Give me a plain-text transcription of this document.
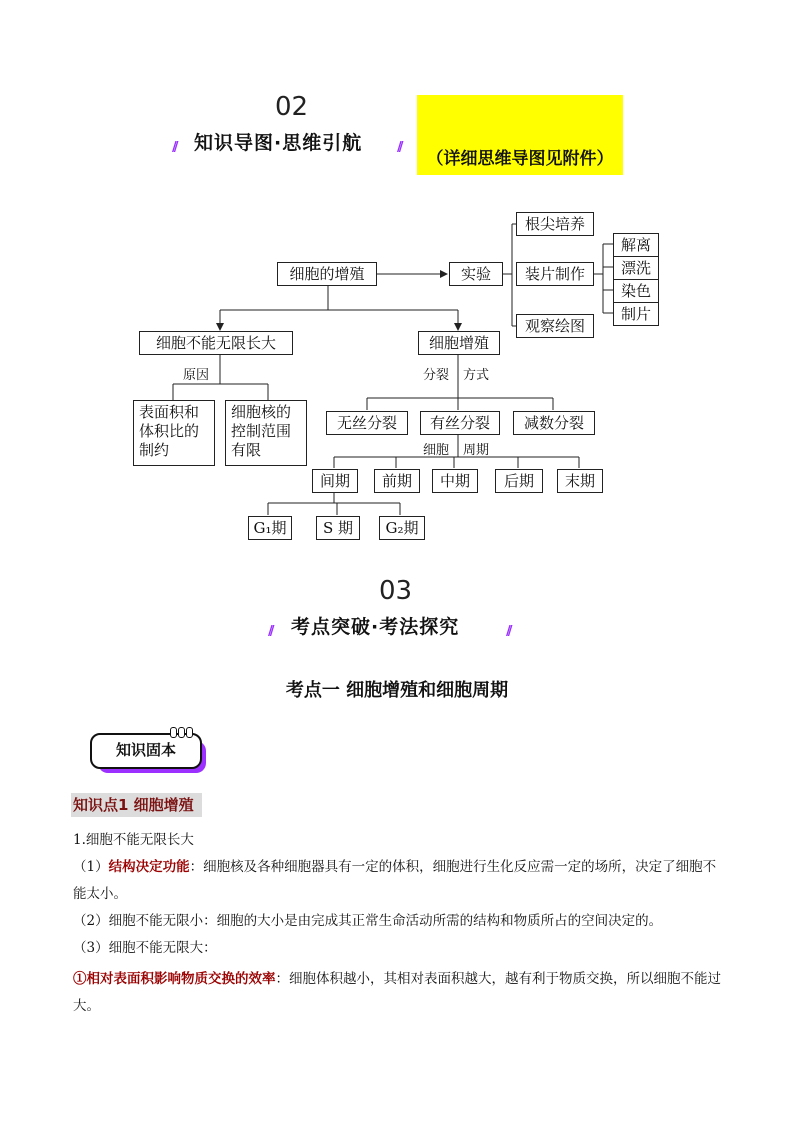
02
// 知识导图·思维引航	//
（详细思维导图见附件）
细胞的增殖	实验
根尖培养
装片制作
观察绘图
解离
漂洗
染色
制片
细胞不能无限长大
原因
表面积和体积比的制约
细胞核的控制范围有限
细胞增殖
分裂 方式
无丝分裂	有丝分裂	减数分裂
细胞 周期
间期	前期	中期	后期	末期
G₁期	S 期	G₂期
03
// 考点突破·考法探究	//
考点一 细胞增殖和细胞周期
知识固本
知识点1 细胞增殖
1.细胞不能无限长大
（1）结构决定功能：细胞核及各种细胞器具有一定的体积，细胞进行生化反应需一定的场所，决定了细胞不能太小。
（2）细胞不能无限小：细胞的大小是由完成其正常生命活动所需的结构和物质所占的空间决定的。
（3）细胞不能无限大：
①相对表面积影响物质交换的效率：细胞体积越小，其相对表面积越大，越有利于物质交换，所以细胞不能过大。
